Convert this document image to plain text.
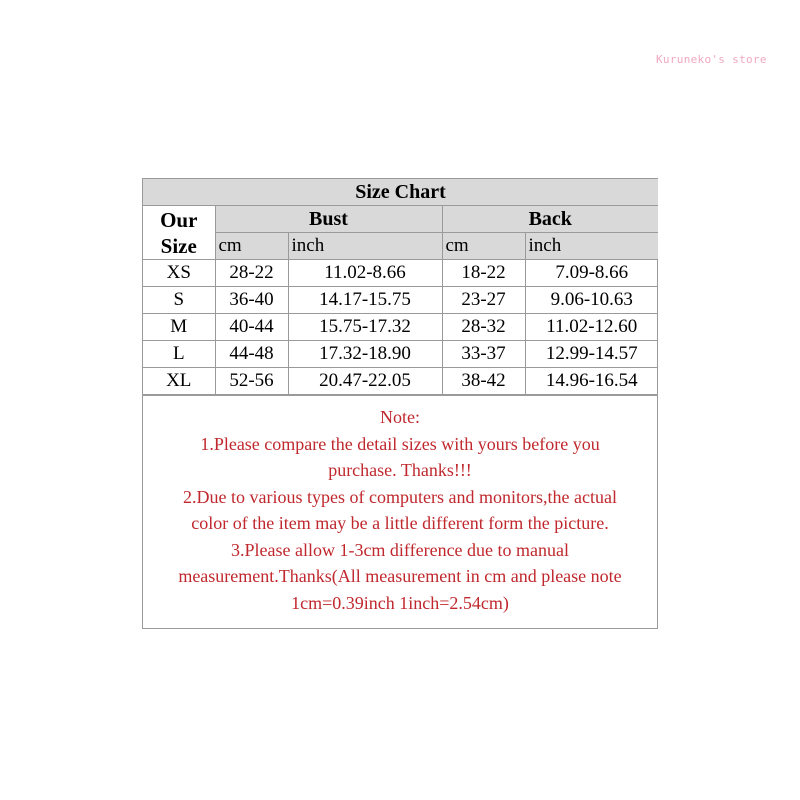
Kuruneko's store
Size Chart				
Our
Size	Bust		Back	
	cm	inch	cm	inch
XS	28-22	11.02-8.66	18-22	7.09-8.66
S	36-40	14.17-15.75	23-27	9.06-10.63
M	40-44	15.75-17.32	28-32	11.02-12.60
L	44-48	17.32-18.90	33-37	12.99-14.57
XL	52-56	20.47-22.05	38-42	14.96-16.54
Note:
1.Please compare the detail sizes with yours before you
purchase. Thanks!!!
2.Due to various types of computers and monitors,the actual
color of the item may be a little different form the picture.
3.Please allow 1-3cm difference due to manual
measurement.Thanks(All measurement in cm and please note
1cm=0.39inch 1inch=2.54cm)
